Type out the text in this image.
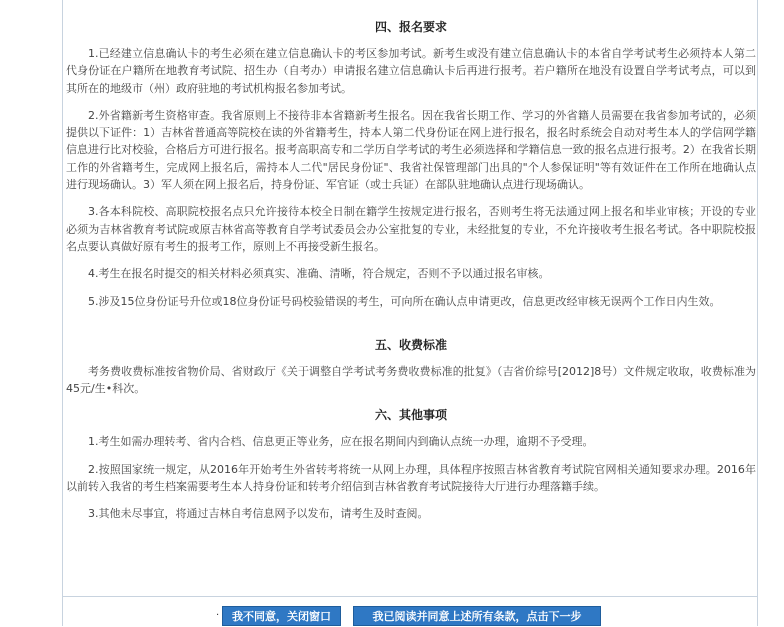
四、报名要求

1.已经建立信息确认卡的考生必须在建立信息确认卡的考区参加考试。新考生或没有建立信息确认卡的本省自学考试考生必须持本人第二代身份证在户籍所在地教育考试院、招生办（自考办）申请报名建立信息确认卡后再进行报考。若户籍所在地没有设置自学考试考点，可以到其所在的地级市（州）政府驻地的考试机构报名参加考试。

2.外省籍新考生资格审查。我省原则上不接待非本省籍新考生报名。因在我省长期工作、学习的外省籍人员需要在我省参加考试的，必须提供以下证件：1）吉林省普通高等院校在读的外省籍考生，持本人第二代身份证在网上进行报名，报名时系统会自动对考生本人的学信网学籍信息进行比对校验，合格后方可进行报名。报考高职高专和二学历自学考试的考生必须选择和学籍信息一致的报名点进行报考。2）在我省长期工作的外省籍考生，完成网上报名后，需持本人二代"居民身份证"、我省社保管理部门出具的"个人参保证明"等有效证件在工作所在地确认点进行现场确认。3）军人须在网上报名后，持身份证、军官证（或士兵证）在部队驻地确认点进行现场确认。

3.各本科院校、高职院校报名点只允许接待本校全日制在籍学生按规定进行报名，否则考生将无法通过网上报名和毕业审核；开设的专业必须为吉林省教育考试院或原吉林省高等教育自学考试委员会办公室批复的专业，未经批复的专业，不允许接收考生报名考试。各中职院校报名点要认真做好原有考生的报考工作，原则上不再接受新生报名。

4.考生在报名时提交的相关材料必须真实、准确、清晰，符合规定，否则不予以通过报名审核。

5.涉及15位身份证号升位或18位身份证号码校验错误的考生，可向所在确认点申请更改，信息更改经审核无误两个工作日内生效。

五、收费标准

考务费收费标准按省物价局、省财政厅《关于调整自学考试考务费收费标准的批复》（吉省价综号[2012]8号）文件规定收取，收费标准为45元/生•科次。

六、其他事项

1.考生如需办理转考、省内合档、信息更正等业务，应在报名期间内到确认点统一办理，逾期不予受理。

2.按照国家统一规定，从2016年开始考生外省转考将统一从网上办理，具体程序按照吉林省教育考试院官网相关通知要求办理。2016年以前转入我省的考生档案需要考生本人持身份证和转考介绍信到吉林省教育考试院接待大厅进行办理落籍手续。

3.其他未尽事宜，将通过吉林自考信息网予以发布，请考生及时查阅。

.	我不同意，关闭窗口	我已阅读并同意上述所有条款，点击下一步
